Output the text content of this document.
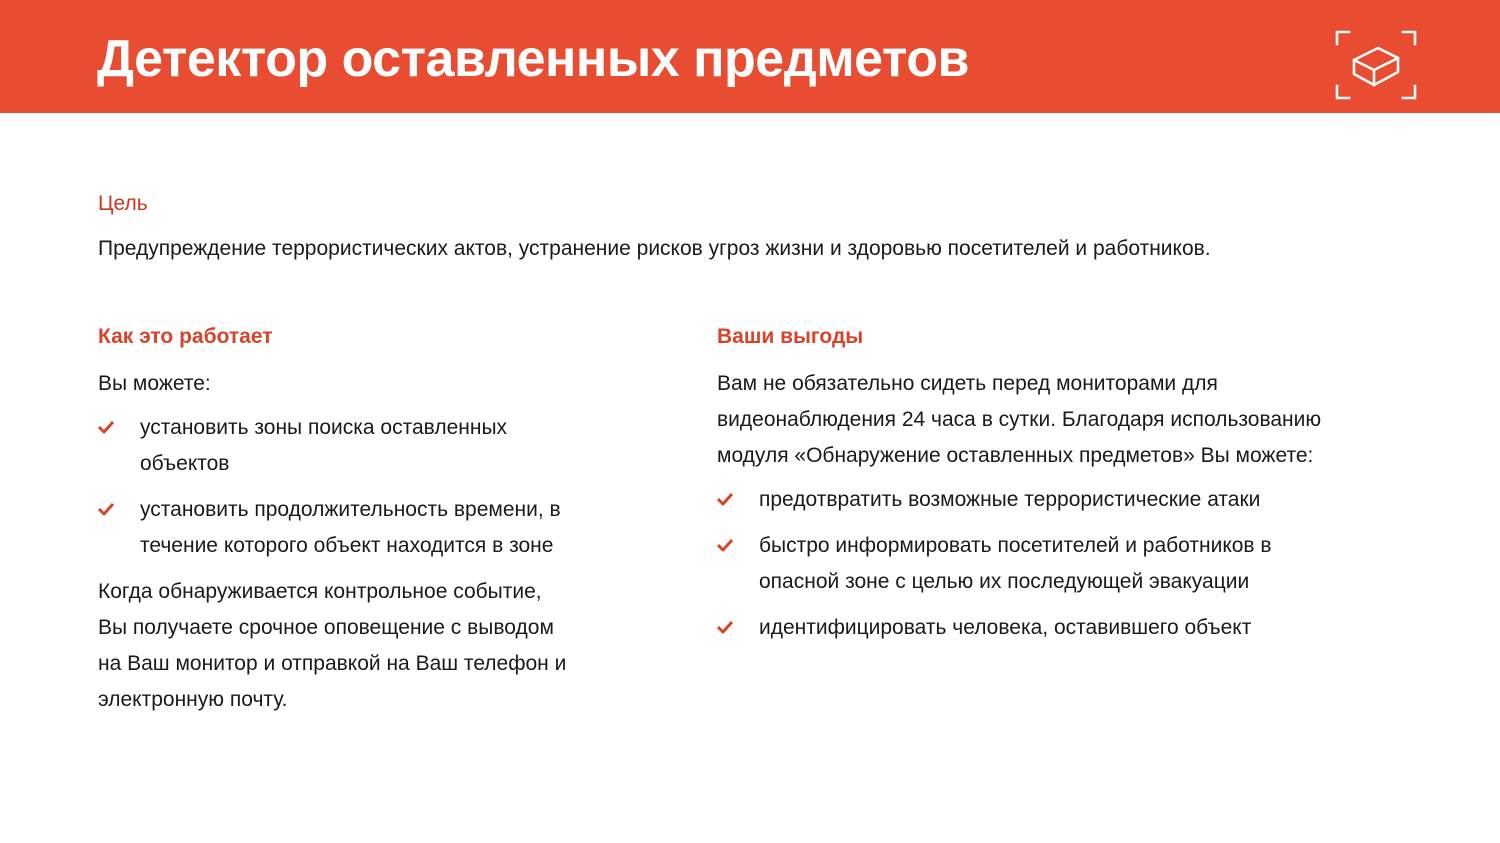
Детектор оставленных предметов
Цель
Предупреждение террористических актов, устранение рисков угроз жизни и здоровью посетителей и работников.
Как это работает

Вы можете:

установить зоны поиска оставленных
объектов
установить продолжительность времени, в
течение которого объект находится в зоне

Когда обнаруживается контрольное событие,
Вы получаете срочное оповещение с выводом
на Ваш монитор и отправкой на Ваш телефон и
электронную почту.

Ваши выгоды

Вам не обязательно сидеть перед мониторами для
видеонаблюдения 24 часа в сутки. Благодаря использованию
модуля «Обнаружение оставленных предметов» Вы можете:

предотвратить возможные террористические атаки
быстро информировать посетителей и работников в
опасной зоне с целью их последующей эвакуации
идентифицировать человека, оставившего объект
